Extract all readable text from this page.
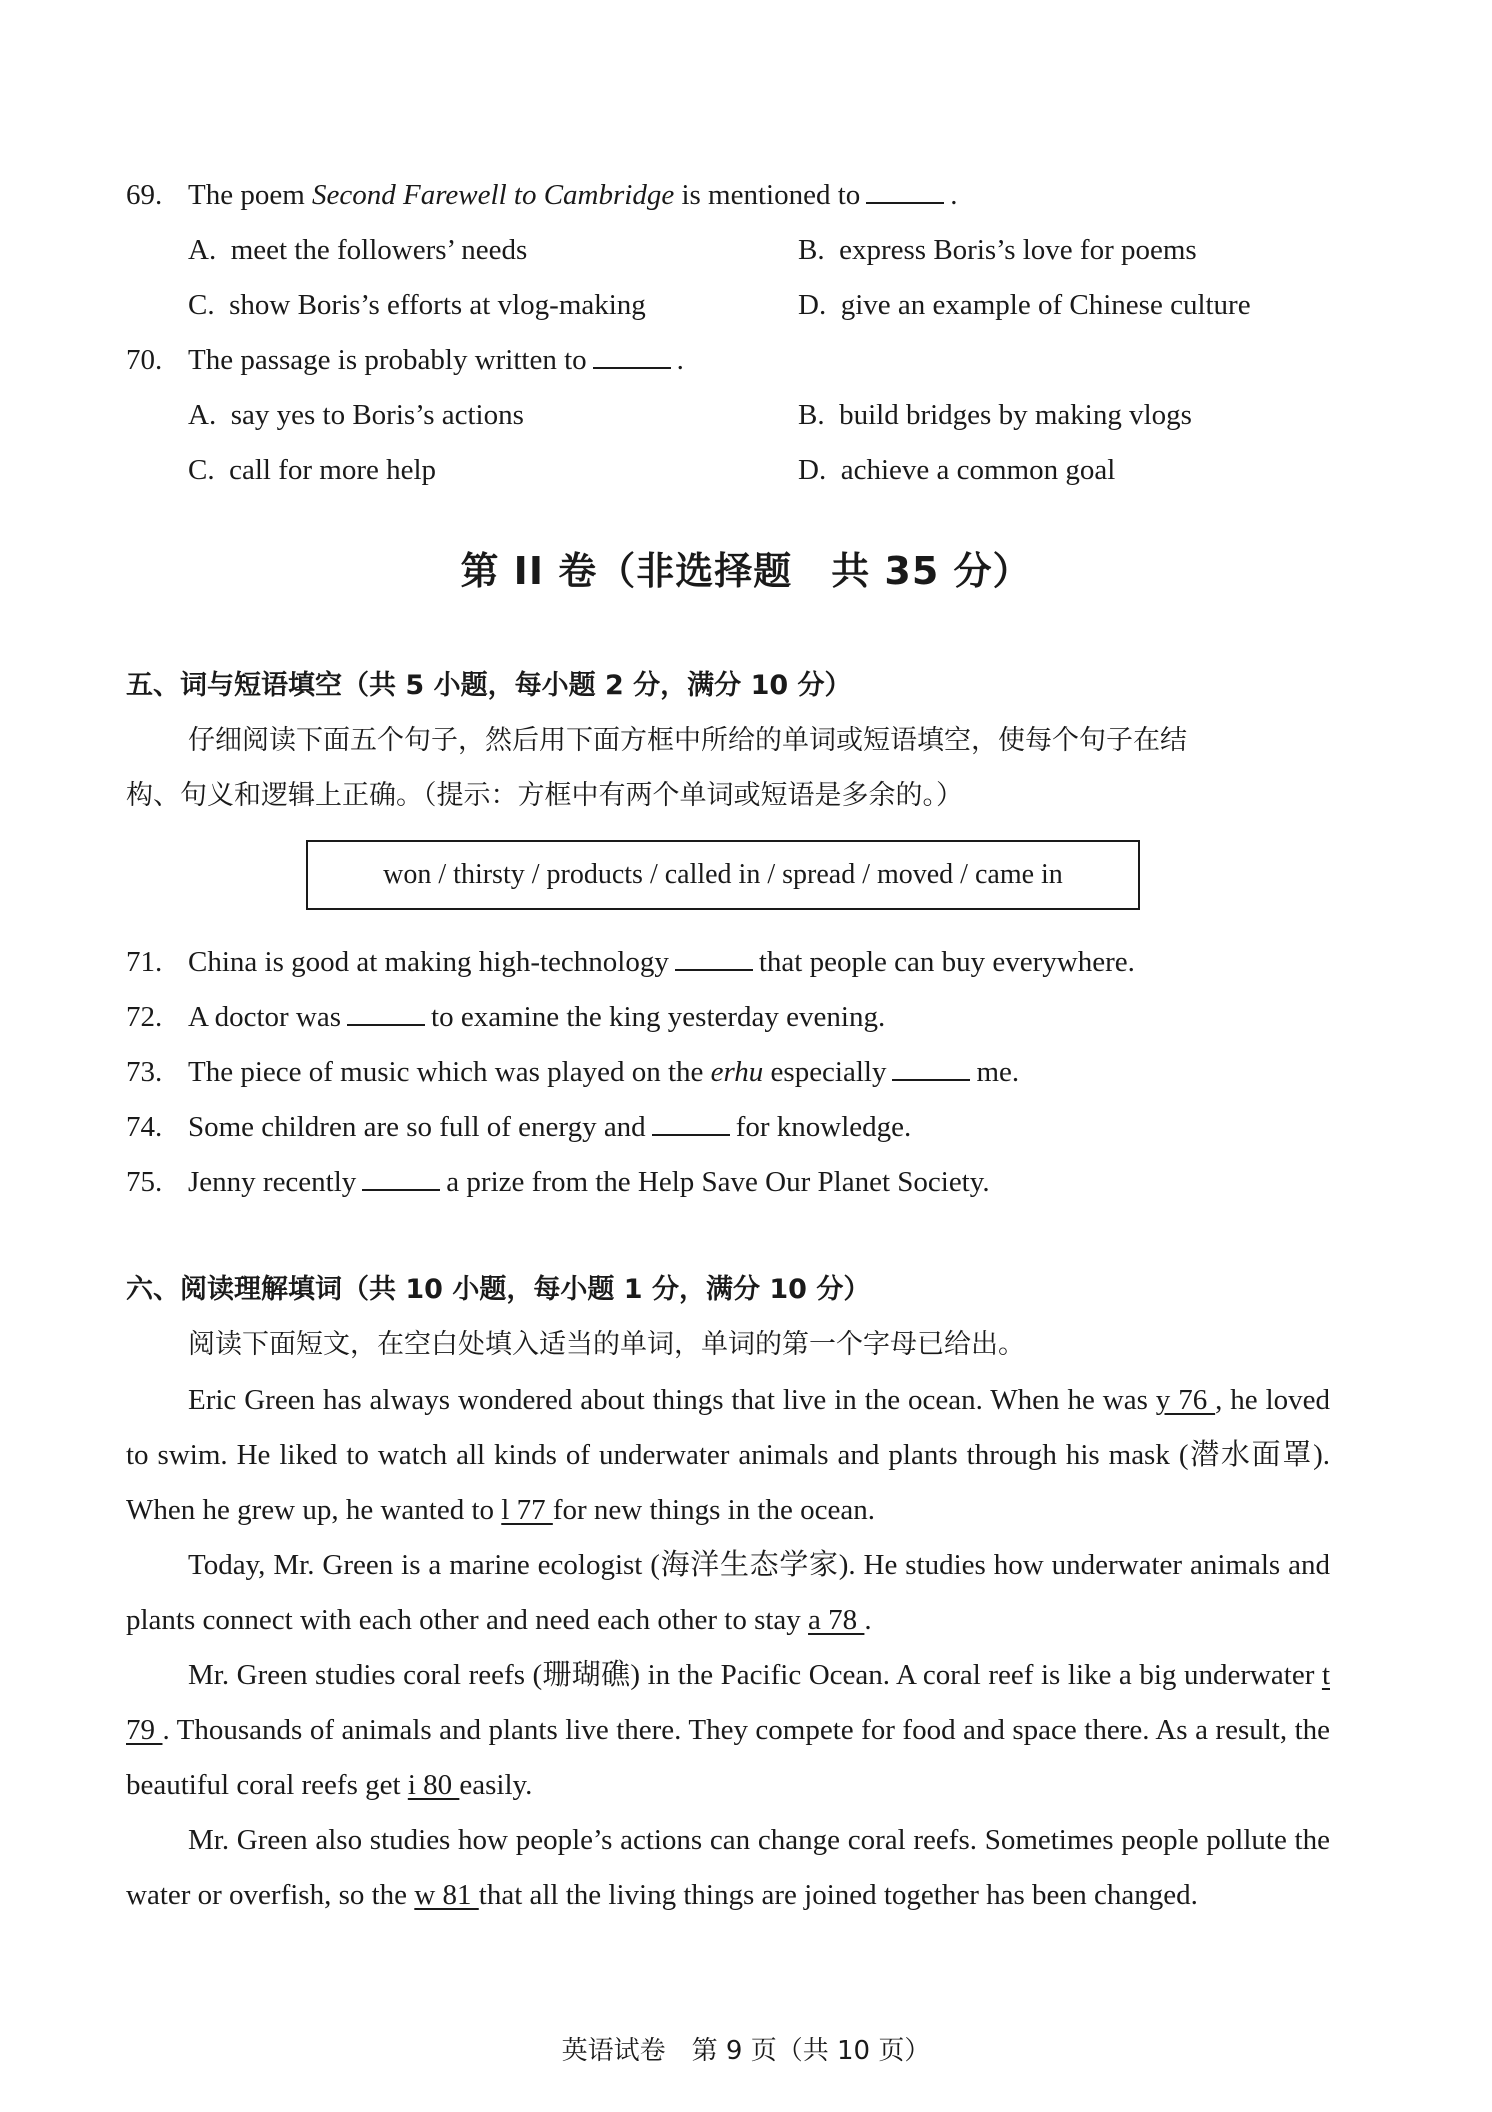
69. The poem Second Farewell to Cambridge is mentioned to	.
A. meet the followers’ needs	B. express Boris’s love for poems
C. show Boris’s efforts at vlog-making	D. give an example of Chinese culture
70. The passage is probably written to	.
A. say yes to Boris’s actions	B. build bridges by making vlogs
C. call for more help	D. achieve a common goal
第 II 卷（非选择题　共 35 分）
五、词与短语填空（共 5 小题，每小题 2 分，满分 10 分）
仔细阅读下面五个句子，然后用下面方框中所给的单词或短语填空，使每个句子在结
构、句义和逻辑上正确。（提示：方框中有两个单词或短语是多余的。）
won / thirsty / products / called in / spread / moved / came in
71. China is good at making high-technology	that people can buy everywhere.
72. A doctor was	to examine the king yesterday evening.
73. The piece of music which was played on the erhu especially	me.
74. Some children are so full of energy and	for knowledge.
75. Jenny recently	a prize from the Help Save Our Planet Society.
六、阅读理解填词（共 10 小题，每小题 1 分，满分 10 分）
阅读下面短文，在空白处填入适当的单词，单词的第一个字母已给出。
Eric Green has always wondered about things that live in the ocean. When he was y 76 , he loved to swim. He liked to watch all kinds of underwater animals and plants through his mask (潜水面罩). When he grew up, he wanted to l 77 for new things in the ocean.
Today, Mr. Green is a marine ecologist (海洋生态学家). He studies how underwater animals and plants connect with each other and need each other to stay a 78 .
Mr. Green studies coral reefs (珊瑚礁) in the Pacific Ocean. A coral reef is like a big underwater t 79 . Thousands of animals and plants live there. They compete for food and space there. As a result, the beautiful coral reefs get i 80 easily.
Mr. Green also studies how people’s actions can change coral reefs. Sometimes people pollute the water or overfish, so the w 81 that all the living things are joined together has been changed.
英语试卷　第 9 页（共 10 页）
